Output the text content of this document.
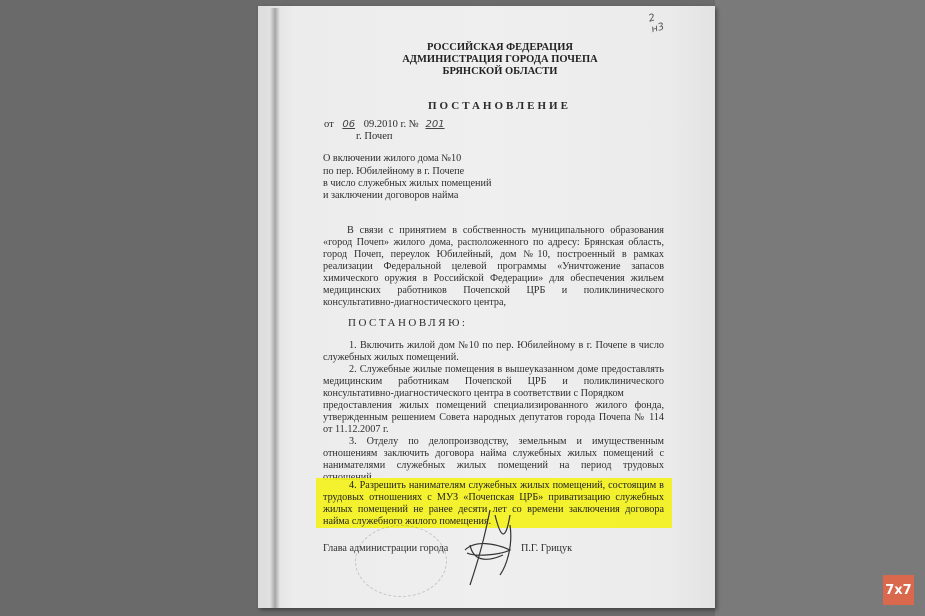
2
н3
РОССИЙСКАЯ ФЕДЕРАЦИЯ
АДМИНИСТРАЦИЯ ГОРОДА ПОЧЕПА
БРЯНСКОЙ ОБЛАСТИ
ПОСТАНОВЛЕНИЕ
от 06 09.2010 г. № 201
г. Почеп
О включении жилого дома №10
по пер. Юбилейному в г. Почепе
в число служебных жилых помещений
и заключении договоров найма
В связи с принятием в собственность муниципального образования
«город Почеп» жилого дома, расположенного по адресу: Брянская область,
город Почеп, переулок Юбилейный, дом №10, построенный в рамках
реализации Федеральной целевой программы «Уничтожение запасов
химического оружия в Российской Федерации» для обеспечения жильем
медицинских работников Почепской ЦРБ и поликлинического
консультативно-диагностического центра,
ПОСТАНОВЛЯЮ:
1. Включить жилой дом №10 по пер. Юбилейному в г. Почепе в число
служебных жилых помещений.
2. Служебные жилые помещения в вышеуказанном доме предоставлять
медицинским работникам Почепской ЦРБ и поликлинического
консультативно-диагностического центра в соответствии с Порядком
предоставления жилых помещений специализированного жилого фонда,
утвержденным решением Совета народных депутатов города Почепа № 114
от 11.12.2007 г.
3. Отделу по делопроизводству, земельным и имущественным
отношениям заключить договора найма служебных жилых помещений с
нанимателями служебных жилых помещений на период трудовых
4. Разрешить нанимателям служебных жилых помещений, состоящим в
трудовых отношениях с МУЗ «Почепская ЦРБ» приватизацию служебных
жилых помещений не ранее десяти лет со времени заключения договора
найма служебного жилого помещения.
Глава администрации города	П.Г. Грицук
7x7
